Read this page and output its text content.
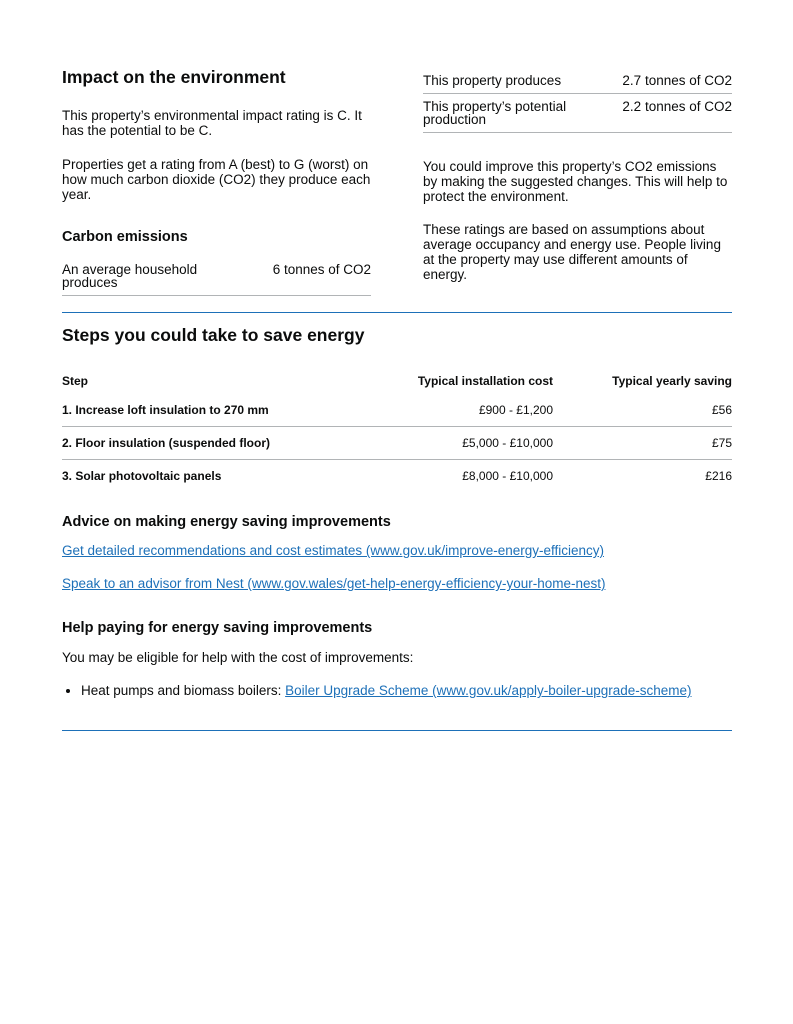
Impact on the environment

This property’s environmental impact rating is C. It has the potential to be C.

Properties get a rating from A (best) to G (worst) on how much carbon dioxide (CO2) they produce each year.

Carbon emissions
An average household produces
6 tonnes of CO2
This property produces	2.7 tonnes of CO2
This property’s potential production
2.2 tonnes of CO2

You could improve this property’s CO2 emissions by making the suggested changes. This will help to protect the environment.

These ratings are based on assumptions about average occupancy and energy use. People living at the property may use different amounts of energy.

Steps you could take to save energy
Step	Typical installation cost	Typical yearly saving
1. Increase loft insulation to 270 mm	£900 - £1,200	£56
2. Floor insulation (suspended floor)	£5,000 - £10,000	£75
3. Solar photovoltaic panels	£8,000 - £10,000	£216
Advice on making energy saving improvements
Get detailed recommendations and cost estimates (www.gov.uk/improve-energy-efficiency)
Speak to an advisor from Nest (www.gov.wales/get-help-energy-efficiency-your-home-nest)
Help paying for energy saving improvements

You may be eligible for help with the cost of improvements:

• Heat pumps and biomass boilers: Boiler Upgrade Scheme (www.gov.uk/apply-boiler-upgrade-scheme)
